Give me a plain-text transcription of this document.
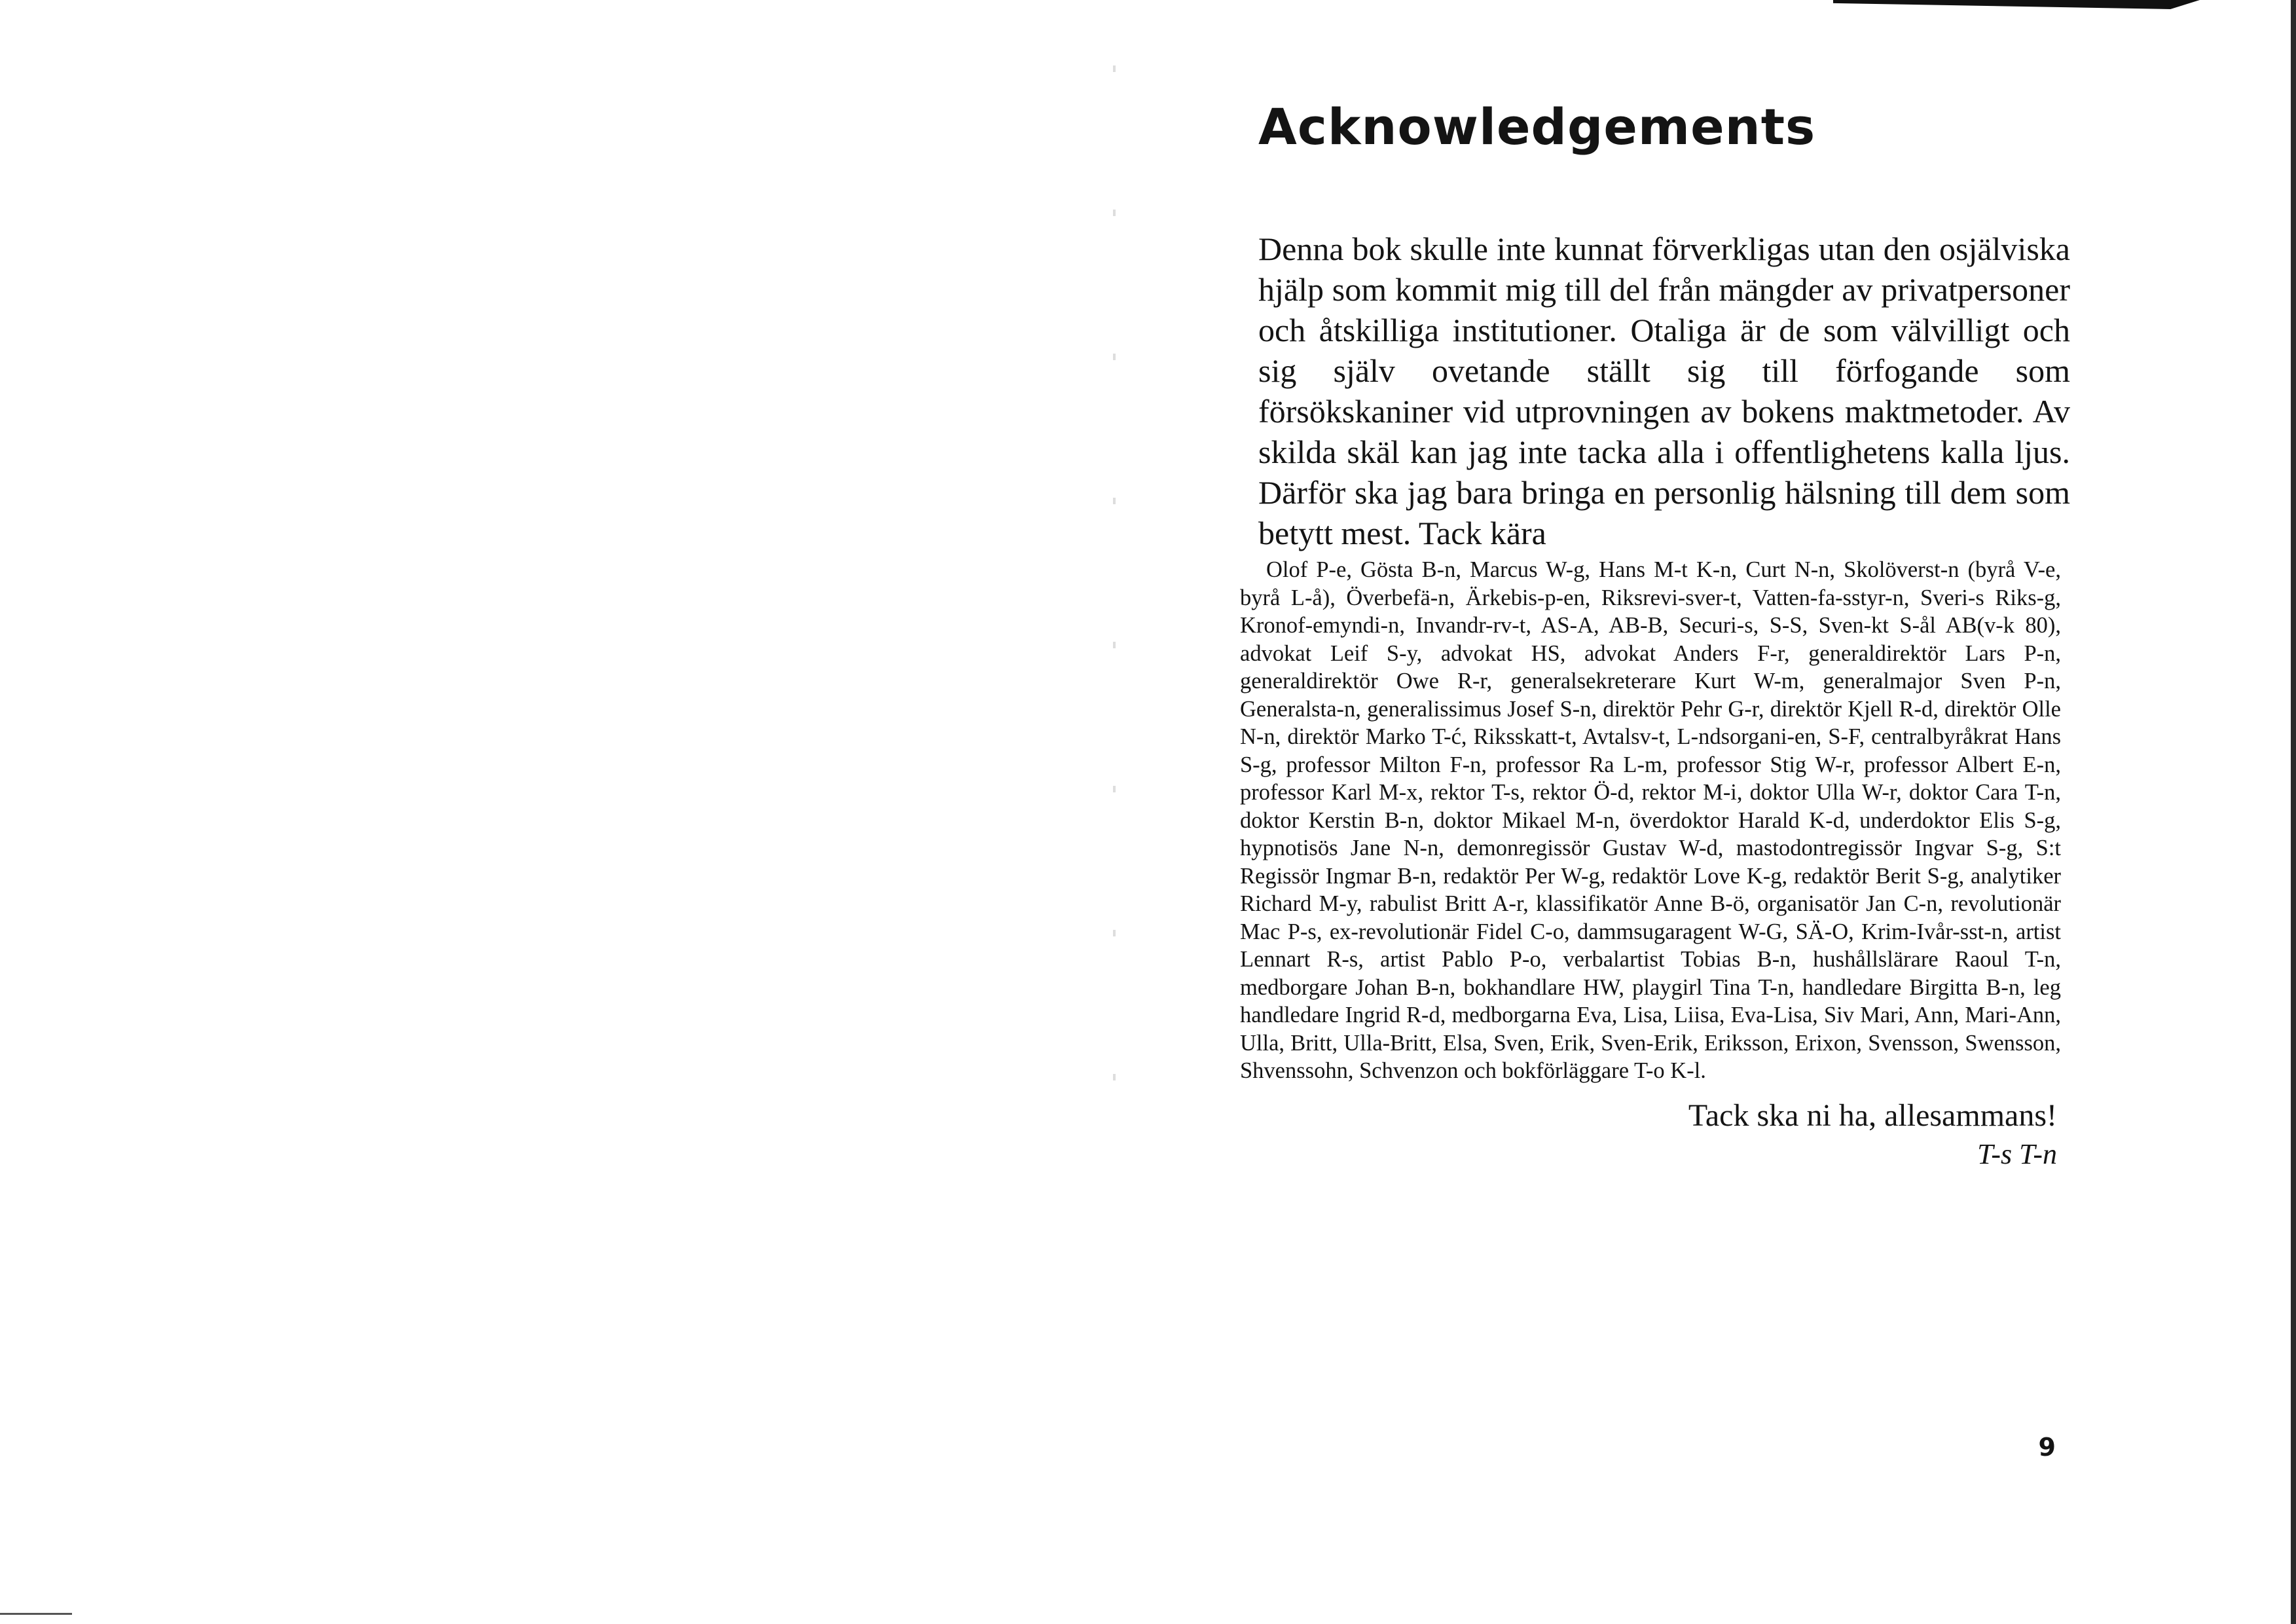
Acknowledgements

Denna bok skulle inte kunnat förverkligas utan den osjälviska hjälp som kommit mig till del från mängder av privatpersoner och åtskilliga institutioner. Otaliga är de som välvilligt och sig själv ovetande ställt sig till förfogande som försökskaniner vid utprovningen av bokens maktmetoder. Av skilda skäl kan jag inte tacka alla i offentlighetens kalla ljus. Därför ska jag bara bringa en personlig hälsning till dem som betytt mest. Tack kära

Olof P-e, Gösta B-n, Marcus W-g, Hans M-t K-n, Curt N-n, Skolöverst-n (byrå V-e, byrå L-å), Överbefä-n, Ärkebis-p-en, Riksrevi-sver-t, Vatten-fa-sstyr-n, Sveri-s Riks-g, Kronof-emyndi-n, Invandr-rv-t, AS-A, AB-B, Securi-s, S-S, Sven-kt S-ål AB(v-k 80), advokat Leif S-y, advokat HS, advokat Anders F-r, generaldirektör Lars P-n, generaldirektör Owe R-r, generalsekreterare Kurt W-m, generalmajor Sven P-n, Generalsta-n, generalissimus Josef S-n, direktör Pehr G-r, direktör Kjell R-d, direktör Olle N-n, direktör Marko T-ć, Riksskatt-t, Avtalsv-t, L-ndsorgani-en, S-F, centralbyråkrat Hans S-g, professor Milton F-n, professor Ra L-m, professor Stig W-r, professor Albert E-n, professor Karl M-x, rektor T-s, rektor Ö-d, rektor M-i, doktor Ulla W-r, doktor Cara T-n, doktor Kerstin B-n, doktor Mikael M-n, överdoktor Harald K-d, underdoktor Elis S-g, hypnotisös Jane N-n, demonregissör Gustav W-d, mastodontregissör Ingvar S-g, S:t Regissör Ingmar B-n, redaktör Per W-g, redaktör Love K-g, redaktör Berit S-g, analytiker Richard M-y, rabulist Britt A-r, klassifikatör Anne B-ö, organisatör Jan C-n, revolutionär Mac P-s, ex-revolutionär Fidel C-o, dammsugaragent W-G, SÄ-O, Krim-Ivår-sst-n, artist Lennart R-s, artist Pablo P-o, verbalartist Tobias B-n, hushållslärare Raoul T-n, medborgare Johan B-n, bokhandlare HW, playgirl Tina T-n, handledare Birgitta B-n, leg handledare Ingrid R-d, medborgarna Eva, Lisa, Liisa, Eva-Lisa, Siv Mari, Ann, Mari-Ann, Ulla, Britt, Ulla-Britt, Elsa, Sven, Erik, Sven-Erik, Eriksson, Erixon, Svensson, Swensson, Shvenssohn, Schvenzon och bokförläggare T-o K-l.

Tack ska ni ha, allesammans!
T-s T-n
9
